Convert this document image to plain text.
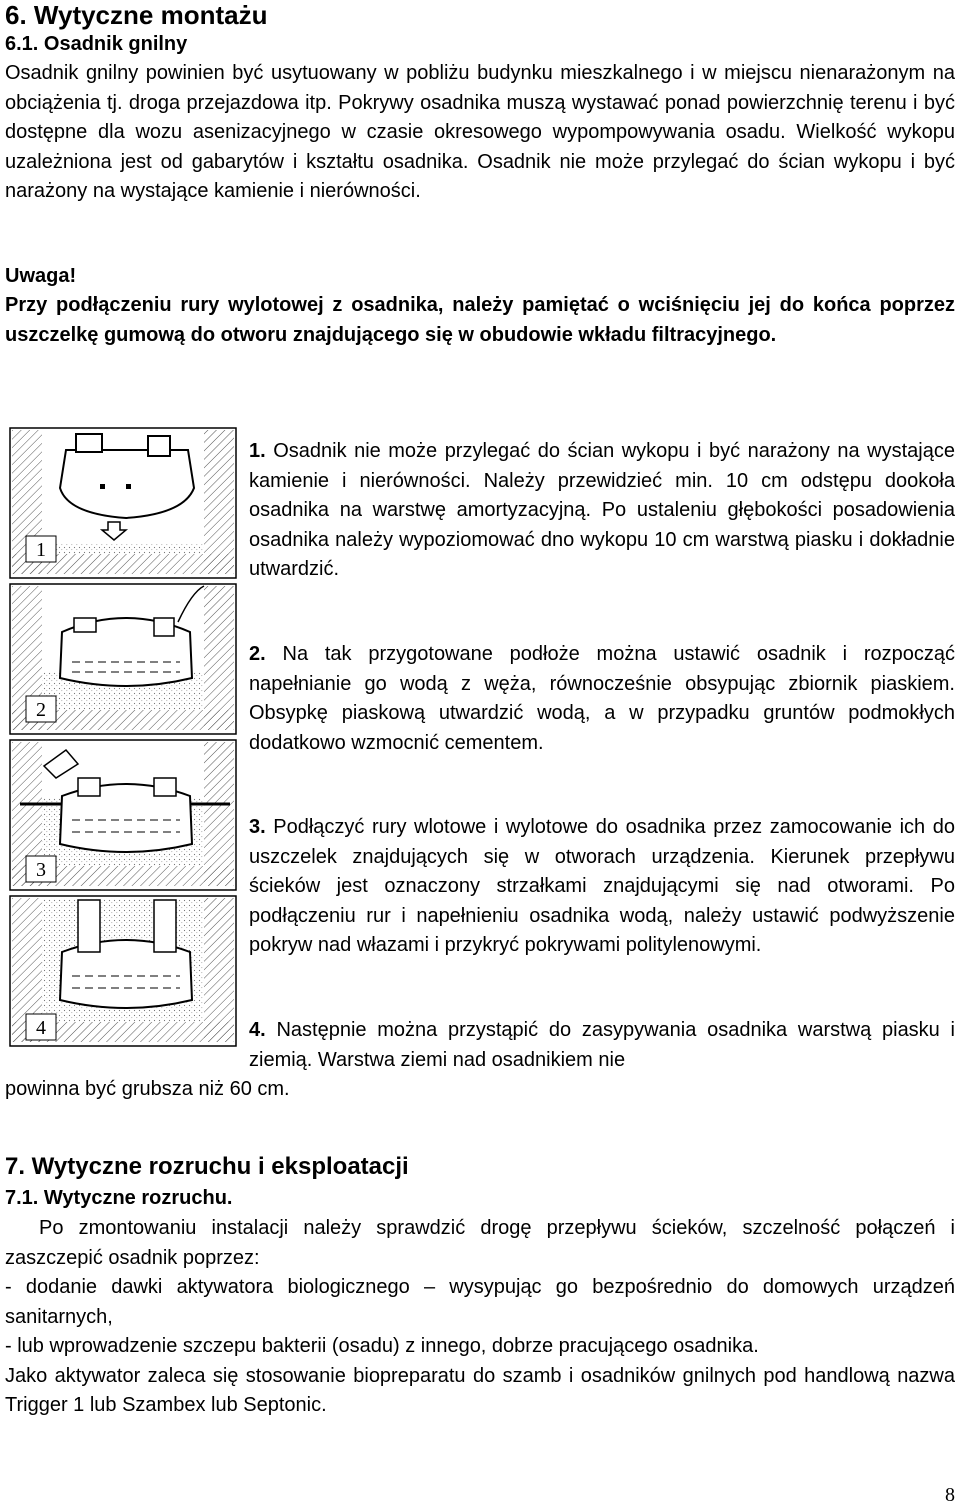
6. Wytyczne montażu
6.1. Osadnik gnilny

Osadnik gnilny powinien być usytuowany w pobliżu budynku mieszkalnego i w miejscu nienarażonym na obciążenia tj. droga przejazdowa itp. Pokrywy osadnika muszą wystawać ponad powierzchnię terenu i być dostępne dla wozu asenizacyjnego w czasie okresowego wypompowywania osadu. Wielkość wykopu uzależniona jest od gabarytów i kształtu osadnika. Osadnik nie może przylegać do ścian wykopu i być narażony na wystające kamienie i nierówności.

Uwaga!

Przy podłączeniu rury wylotowej z osadnika, należy pamiętać o wciśnięciu jej do końca poprzez uszczelkę gumową do otworu znajdującego się w obudowie wkładu filtracyjnego.

1
2
3
4

1. Osadnik nie może przylegać do ścian wykopu i być narażony na wystające kamienie i nierówności. Należy przewidzieć min. 10 cm odstępu dookoła osadnika na warstwę amortyzacyjną. Po ustaleniu głębokości posadowienia osadnika należy wypoziomować dno wykopu 10 cm warstwą piasku i dokładnie utwardzić.

2. Na tak przygotowane podłoże można ustawić osadnik i rozpocząć napełnianie go wodą z węża, równocześnie obsypując zbiornik piaskiem. Obsypkę piaskową utwardzić wodą, a w przypadku gruntów podmokłych dodatkowo wzmocnić cementem.

3. Podłączyć rury wlotowe i wylotowe do osadnika przez zamocowanie ich do uszczelek znajdujących się w otworach urządzenia. Kierunek przepływu ścieków jest oznaczony strzałkami znajdującymi się nad otworami. Po podłączeniu rur i napełnieniu osadnika wodą, należy ustawić podwyższenie pokryw nad włazami i przykryć pokrywami politylenowymi.

4. Następnie można przystąpić do zasypywania osadnika warstwą piasku i ziemią. Warstwa ziemi nad osadnikiem nie

powinna być grubsza niż 60 cm.

7. Wytyczne rozruchu i eksploatacji
7.1. Wytyczne rozruchu.

Po zmontowaniu instalacji należy sprawdzić drogę przepływu ścieków, szczelność połączeń i zaszczepić osadnik poprzez:

- dodanie dawki aktywatora biologicznego – wysypując go bezpośrednio do domowych urządzeń sanitarnych,

- lub wprowadzenie szczepu bakterii (osadu) z innego, dobrze pracującego osadnika.

Jako aktywator zaleca się stosowanie biopreparatu do szamb i osadników gnilnych pod handlową nazwa Trigger 1 lub Szambex lub Septonic.

8
